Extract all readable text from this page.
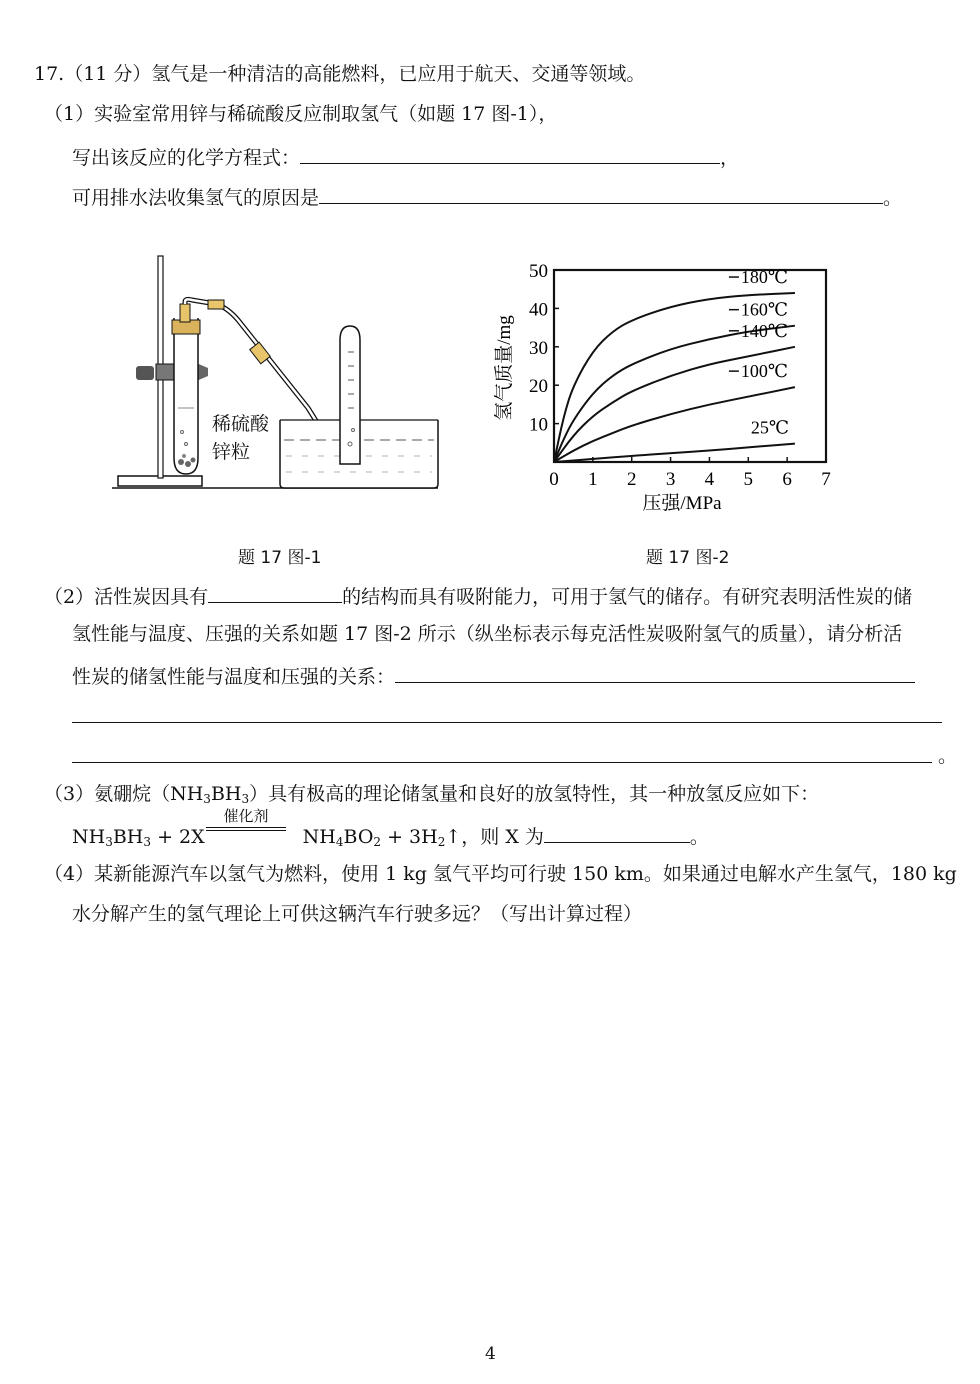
17.（11 分）氢气是一种清洁的高能燃料，已应用于航天、交通等领域。
（1）实验室常用锌与稀硫酸反应制取氢气（如题 17 图-1），
写出该反应的化学方程式：	，
可用排水法收集氢气的原因是	。
稀硫酸
锌粒
题 17 图-1
0 1 2 3 4 5 6 7
10
20
30
40
50	180℃
160℃
140℃
100℃
25℃
压强/MPa
氢气质量/mg
题 17 图-2
（2）活性炭因具有	的结构而具有吸附能力，可用于氢气的储存。有研究表明活性炭的储
氢性能与温度、压强的关系如题 17 图-2 所示（纵坐标表示每克活性炭吸附氢气的质量），请分析活
性炭的储氢性能与温度和压强的关系：
。
（3）氨硼烷$(NH_3BH_3)$具有极高的理论储氢量和良好的放氢特性，其一种放氢反应如下：
$NH_3BH_3 + 2X$	$NH_4BO_2$ + $3H_2↑$，则 X 为	。
催化剂
（4）某新能源汽车以氢气为燃料，使用 1 kg 氢气平均可行驶 150 km。如果通过电解水产生氢气，180 kg
水分解产生的氢气理论上可供这辆汽车行驶多远？（写出计算过程）
4
